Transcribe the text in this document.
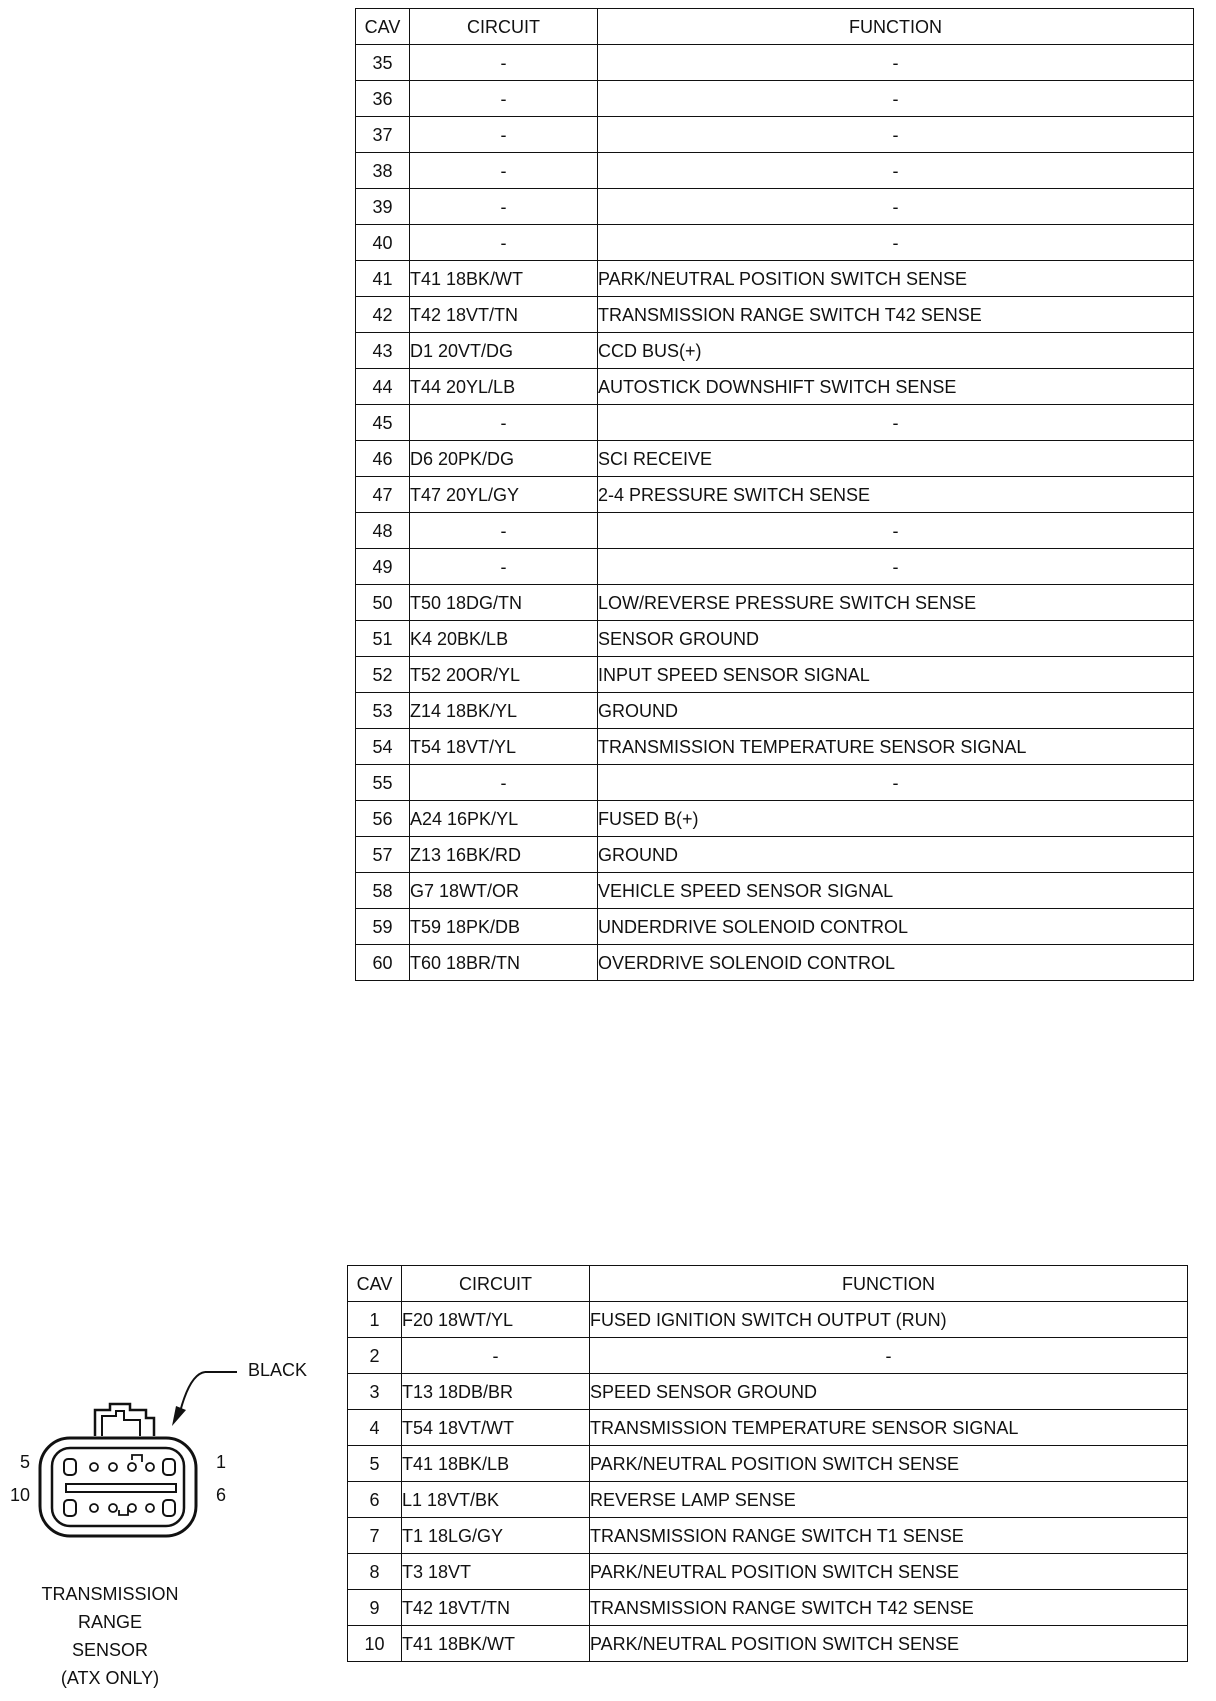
CAV	CIRCUIT	FUNCTION
35	-	-
36	-	-
37	-	-
38	-	-
39	-	-
40	-	-
41	T41 18BK/WT	PARK/NEUTRAL POSITION SWITCH SENSE
42	T42 18VT/TN	TRANSMISSION RANGE SWITCH T42 SENSE
43	D1 20VT/DG	CCD BUS(+)
44	T44 20YL/LB	AUTOSTICK DOWNSHIFT SWITCH SENSE
45	-	-
46	D6 20PK/DG	SCI RECEIVE
47	T47 20YL/GY	2-4 PRESSURE SWITCH SENSE
48	-	-
49	-	-
50	T50 18DG/TN	LOW/REVERSE PRESSURE SWITCH SENSE
51	K4 20BK/LB	SENSOR GROUND
52	T52 20OR/YL	INPUT SPEED SENSOR SIGNAL
53	Z14 18BK/YL	GROUND
54	T54 18VT/YL	TRANSMISSION TEMPERATURE SENSOR SIGNAL
55	-	-
56	A24 16PK/YL	FUSED B(+)
57	Z13 16BK/RD	GROUND
58	G7 18WT/OR	VEHICLE SPEED SENSOR SIGNAL
59	T59 18PK/DB	UNDERDRIVE SOLENOID CONTROL
60	T60 18BR/TN	OVERDRIVE SOLENOID CONTROL
CAV	CIRCUIT	FUNCTION
1	F20 18WT/YL	FUSED IGNITION SWITCH OUTPUT (RUN)
2	-	-
3	T13 18DB/BR	SPEED SENSOR GROUND
4	T54 18VT/WT	TRANSMISSION TEMPERATURE SENSOR SIGNAL
5	T41 18BK/LB	PARK/NEUTRAL POSITION SWITCH SENSE
6	L1 18VT/BK	REVERSE LAMP SENSE
7	T1 18LG/GY	TRANSMISSION RANGE SWITCH T1 SENSE
8	T3 18VT	PARK/NEUTRAL POSITION SWITCH SENSE
9	T42 18VT/TN	TRANSMISSION RANGE SWITCH T42 SENSE
10	T41 18BK/WT	PARK/NEUTRAL POSITION SWITCH SENSE
BLACK
5
10
1
6
TRANSMISSION
RANGE
SENSOR
(ATX ONLY)
